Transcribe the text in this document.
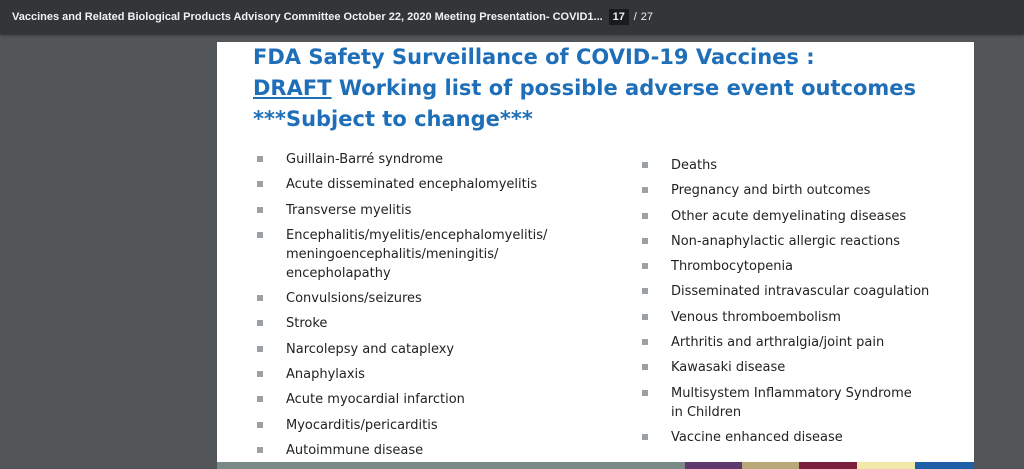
Vaccines and Related Biological Products Advisory Committee October 22, 2020 Meeting Presentation- COVID1...
17	/ 27
FDA Safety Surveillance of COVID-19 Vaccines :
DRAFT Working list of possible adverse event outcomes
***Subject to change***
Guillain-Barré syndrome
Acute disseminated encephalomyelitis
Transverse myelitis
Encephalitis/myelitis/encephalomyelitis/
meningoencephalitis/meningitis/
encepholapathy
Convulsions/seizures
Stroke
Narcolepsy and cataplexy
Anaphylaxis
Acute myocardial infarction
Myocarditis/pericarditis
Autoimmune disease
Deaths
Pregnancy and birth outcomes
Other acute demyelinating diseases
Non-anaphylactic allergic reactions
Thrombocytopenia
Disseminated intravascular coagulation
Venous thromboembolism
Arthritis and arthralgia/joint pain
Kawasaki disease
Multisystem Inflammatory Syndrome
in Children
Vaccine enhanced disease
